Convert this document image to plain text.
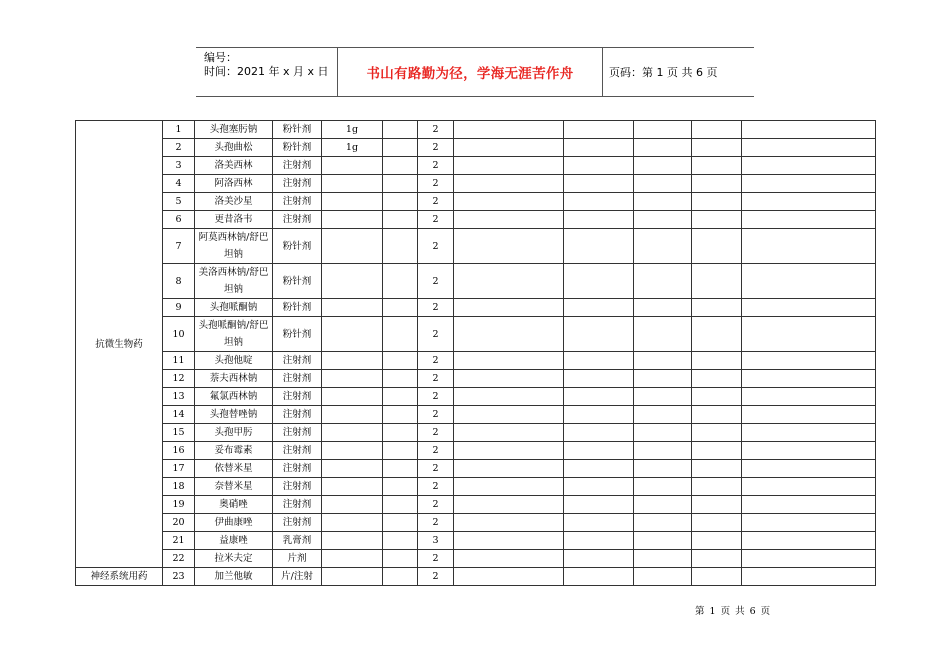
编号：
时间：2021 年 x 月 x 日	书山有路勤为径，学海无涯苦作舟	页码：第 1 页 共 6 页
抗微生物药	1	头孢塞肟钠	粉针剂	1g		2						
	2	头孢曲松	粉针剂	1g		2						
	3	洛美西林	注射剂			2						
	4	阿洛西林	注射剂			2						
	5	洛美沙星	注射剂			2						
	6	更昔洛韦	注射剂			2						
	7	阿莫西林钠/舒巴坦钠	粉针剂			2						
	8	美洛西林钠/舒巴坦钠	粉针剂			2						
	9	头孢哌酮钠	粉针剂			2						
	10	头孢哌酮钠/舒巴坦钠	粉针剂			2						
	11	头孢他啶	注射剂			2						
	12	萘夫西林钠	注射剂			2						
	13	氟氯西林钠	注射剂			2						
	14	头孢替唑钠	注射剂			2						
	15	头孢甲肟	注射剂			2						
	16	妥布霉素	注射剂			2						
	17	依替米星	注射剂			2						
	18	奈替米星	注射剂			2						
	19	奥硝唑	注射剂			2						
	20	伊曲康唑	注射剂			2						
	21	益康唑	乳膏剂			3						
	22	拉米夫定	片剂			2						
神经系统用药	23	加兰他敏	片/注射			2						
第 1 页 共 6 页
